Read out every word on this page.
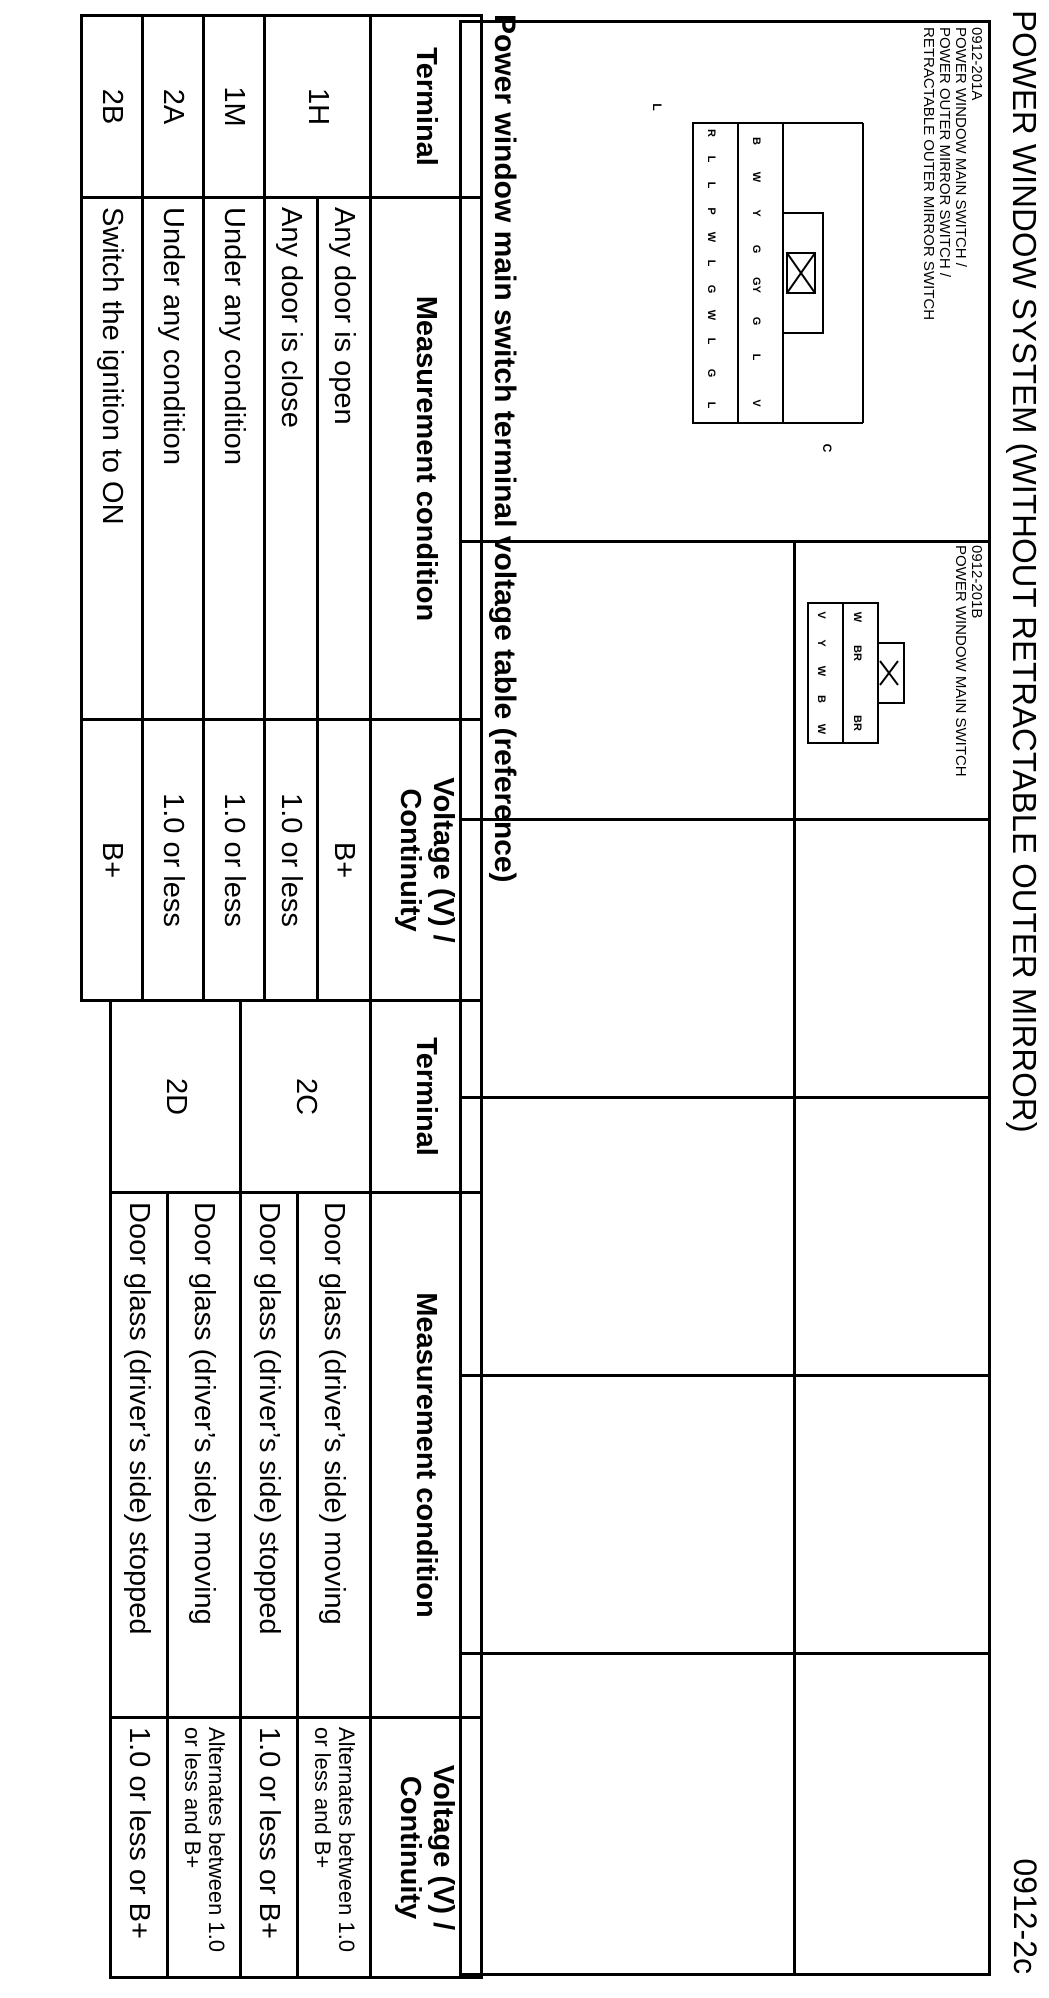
POWER WINDOW SYSTEM (WITHOUT RETRACTABLE OUTER MIRROR)
0912-2c
0912-201A
POWER WINDOW MAIN SWITCH /
POWER OUTER MIRROR SWITCH /
RETRACTABLE OUTER MIRROR SWITCH
B
W
Y
G
GY
G
L
V
R
L
L
P
W
L
G
W
L
G
L
C
L
0912-201B
POWER WINDOW MAIN SWITCH
W
BR
BR
V
Y
W
B
W
Power window main switch terminal voltage table (reference)
Terminal	Measurement condition	Voltage (V) /
Continuity
1H	Any door is open	B+
	Any door is close	1.0 or less
1M	Under any condition	1.0 or less
2A	Under any condition	1.0 or less
2B	Switch the ignition to ON	B+
Terminal	Measurement condition	Voltage (V) /
Continuity
2C	Door glass (driver’s side) moving	Alternates between 1.0 or less and B+
	Door glass (driver’s side) stopped	1.0 or less or B+
2D	Door glass (driver’s side) moving	Alternates between 1.0 or less and B+
	Door glass (driver’s side) stopped	1.0 or less or B+
